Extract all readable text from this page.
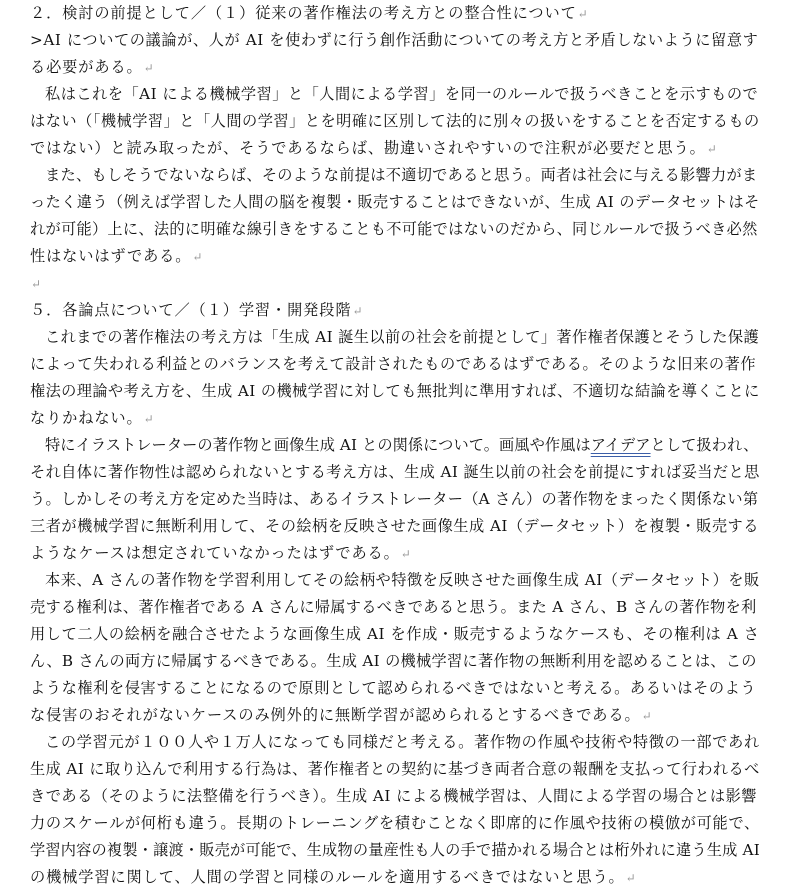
２．検討の前提として／（１）従来の著作権法の考え方との整合性について↵
>AI についての議論が、人が AI を使わずに行う創作活動についての考え方と矛盾しないように留意す
る必要がある。↵
私はこれを「AI による機械学習」と「人間による学習」を同一のルールで扱うべきことを示すもので
はない（「機械学習」と「人間の学習」とを明確に区別して法的に別々の扱いをすることを否定するもの
ではない）と読み取ったが、そうであるならば、勘違いされやすいので注釈が必要だと思う。↵
また、もしそうでないならば、そのような前提は不適切であると思う。両者は社会に与える影響力がま
ったく違う（例えば学習した人間の脳を複製・販売することはできないが、生成 AI のデータセットはそ
れが可能）上に、法的に明確な線引きをすることも不可能ではないのだから、同じルールで扱うべき必然
性はないはずである。↵
↵
５．各論点について／（１）学習・開発段階↵
これまでの著作権法の考え方は「生成 AI 誕生以前の社会を前提として」著作権者保護とそうした保護
によって失われる利益とのバランスを考えて設計されたものであるはずである。そのような旧来の著作
権法の理論や考え方を、生成 AI の機械学習に対しても無批判に準用すれば、不適切な結論を導くことに
なりかねない。↵
特にイラストレーターの著作物と画像生成 AI との関係について。画風や作風はアイデアとして扱われ、
それ自体に著作物性は認められないとする考え方は、生成 AI 誕生以前の社会を前提にすれば妥当だと思
う。しかしその考え方を定めた当時は、あるイラストレーター（A さん）の著作物をまったく関係ない第
三者が機械学習に無断利用して、その絵柄を反映させた画像生成 AI（データセット）を複製・販売する
ようなケースは想定されていなかったはずである。↵
本来、A さんの著作物を学習利用してその絵柄や特徴を反映させた画像生成 AI（データセット）を販
売する権利は、著作権者である A さんに帰属するべきであると思う。また A さん、B さんの著作物を利
用して二人の絵柄を融合させたような画像生成 AI を作成・販売するようなケースも、その権利は A さ
ん、B さんの両方に帰属するべきである。生成 AI の機械学習に著作物の無断利用を認めることは、この
ような権利を侵害することになるので原則として認められるべきではないと考える。あるいはそのよう
な侵害のおそれがないケースのみ例外的に無断学習が認められるとするべきである。↵
この学習元が１００人や１万人になっても同様だと考える。著作物の作風や技術や特徴の一部であれ
生成 AI に取り込んで利用する行為は、著作権者との契約に基づき両者合意の報酬を支払って行われるべ
きである（そのように法整備を行うべき）。生成 AI による機械学習は、人間による学習の場合とは影響
力のスケールが何桁も違う。長期のトレーニングを積むことなく即席的に作風や技術の模倣が可能で、
学習内容の複製・譲渡・販売が可能で、生成物の量産性も人の手で描かれる場合とは桁外れに違う生成 AI
の機械学習に関して、人間の学習と同様のルールを適用するべきではないと思う。↵
